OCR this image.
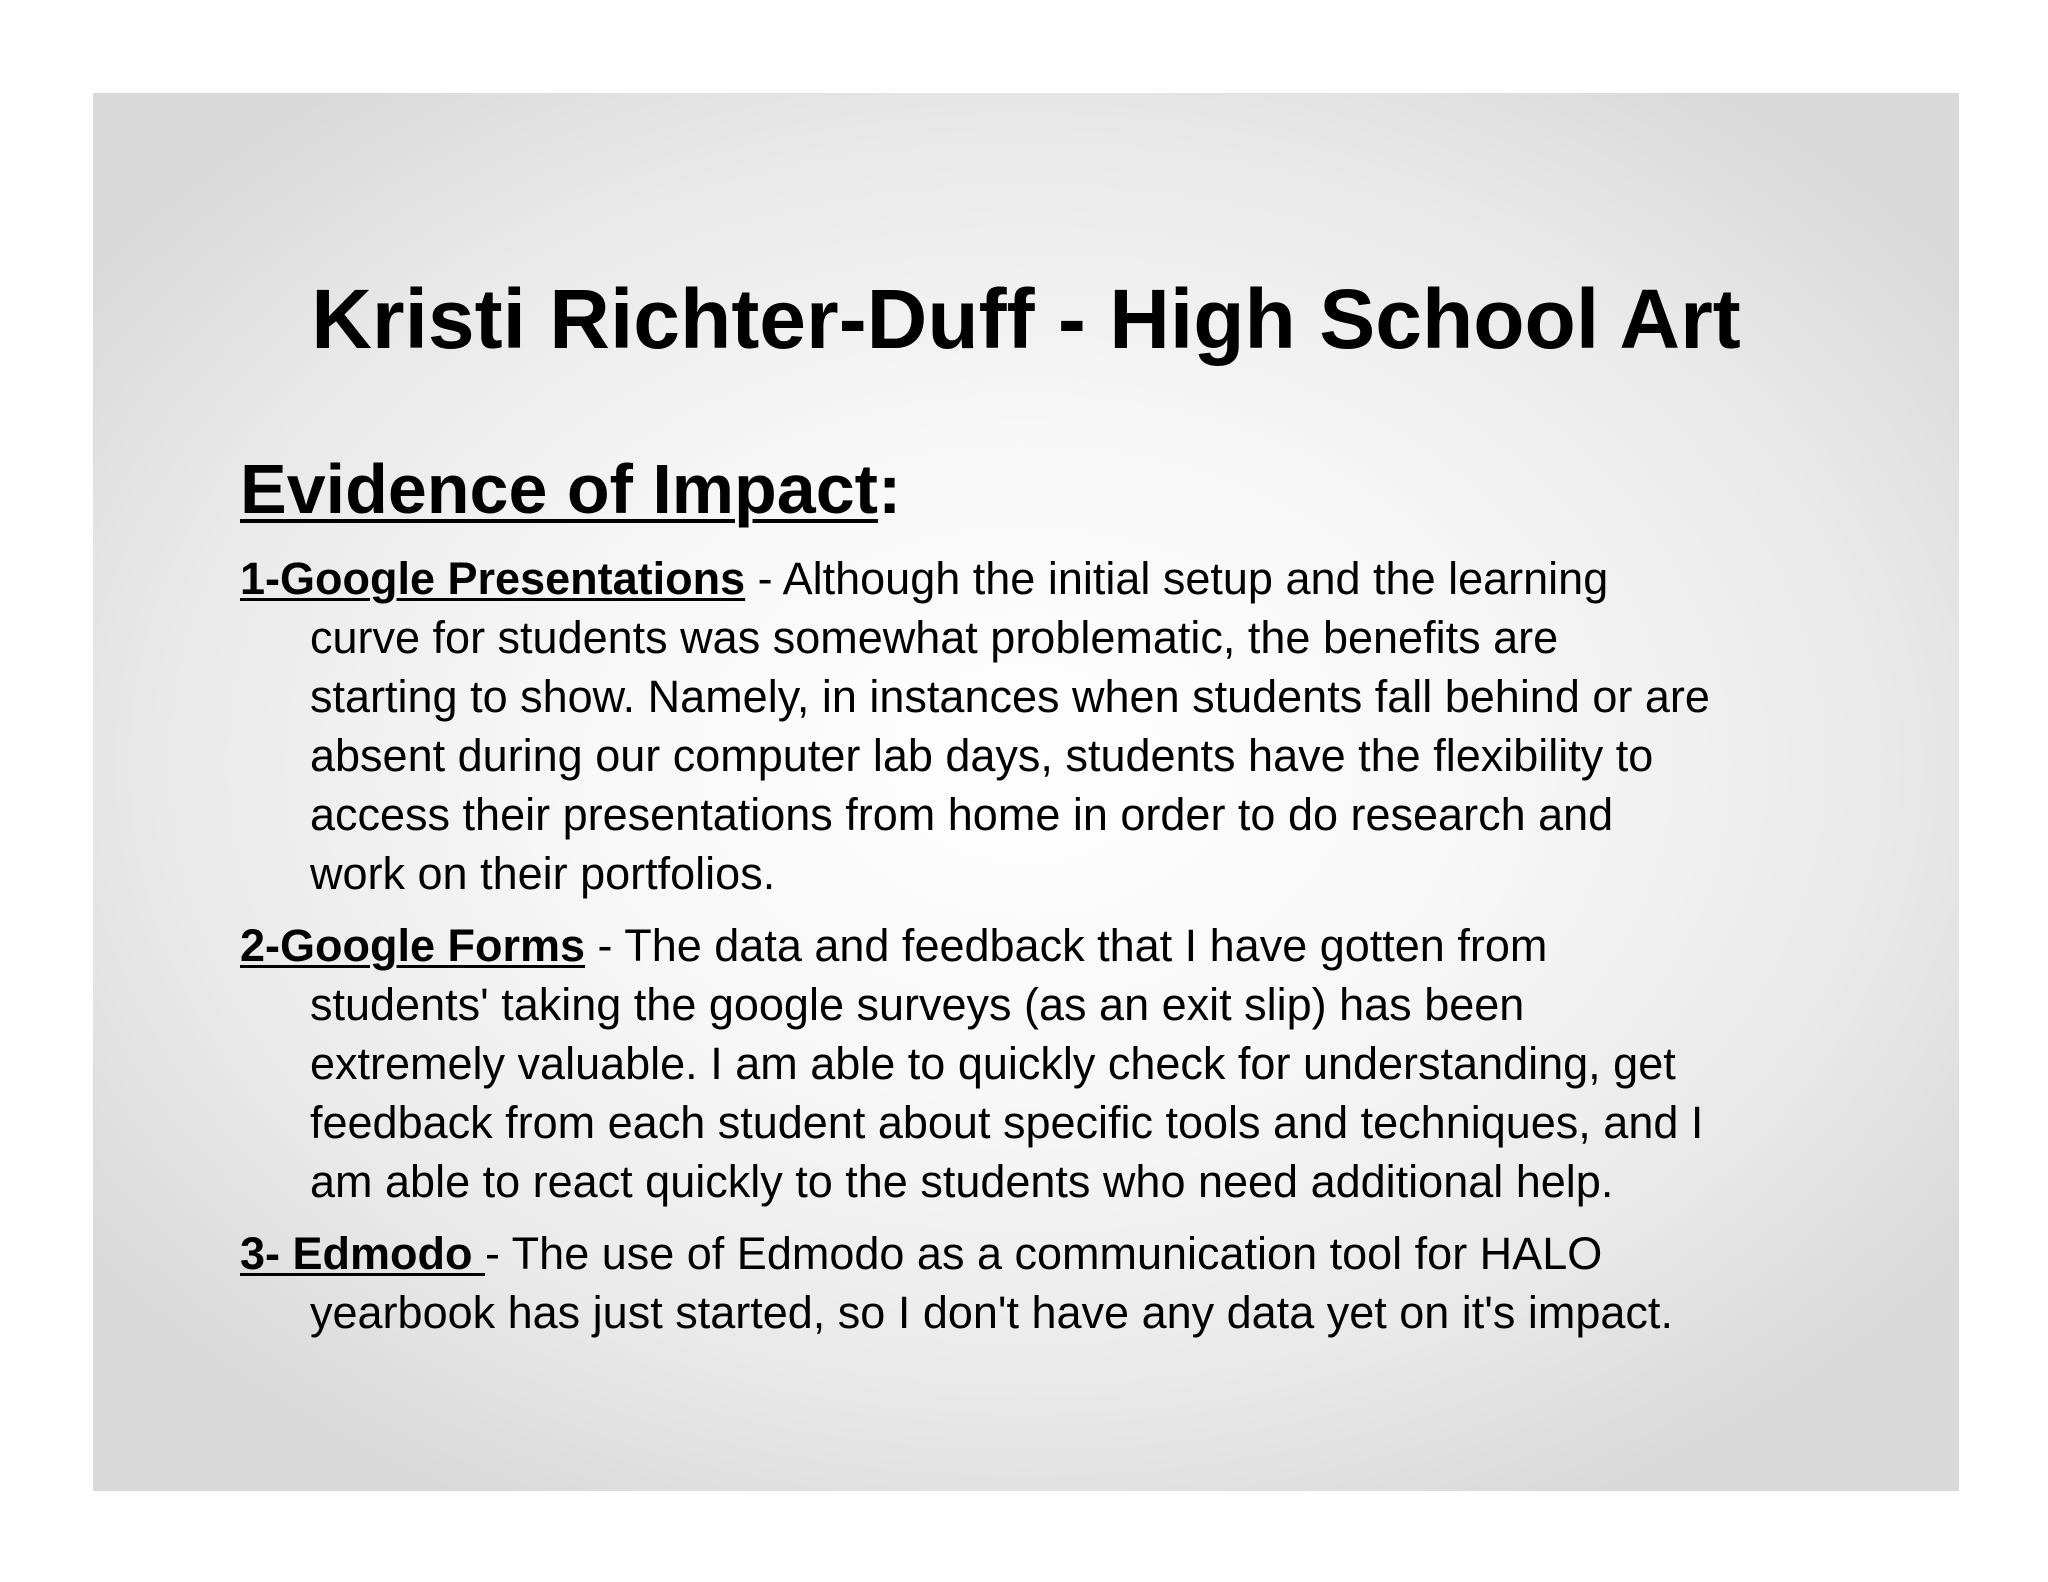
Kristi Richter-Duff - High School Art
Evidence of Impact:

1-Google Presentations - Although the initial setup and the learning
curve for students was somewhat problematic, the benefits are
starting to show. Namely, in instances when students fall behind or are
absent during our computer lab days, students have the flexibility to
access their presentations from home in order to do research and
work on their portfolios.

2-Google Forms - The data and feedback that I have gotten from
students' taking the google surveys (as an exit slip) has been
extremely valuable. I am able to quickly check for understanding, get
feedback from each student about specific tools and techniques, and I
am able to react quickly to the students who need additional help.

3- Edmodo - The use of Edmodo as a communication tool for HALO
yearbook has just started, so I don't have any data yet on it's impact.
